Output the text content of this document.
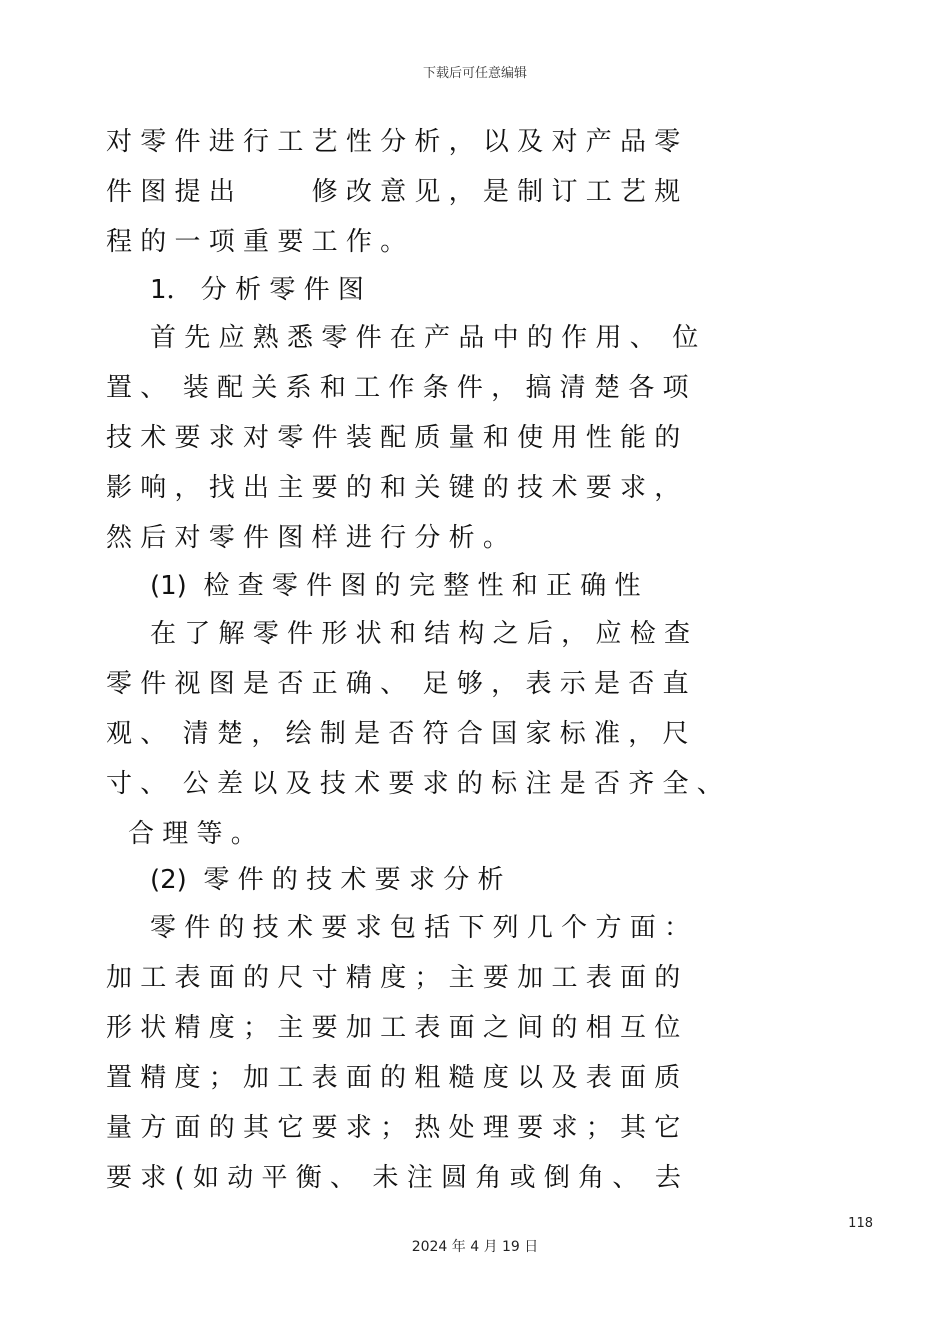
下载后可任意编辑
对 零 件 进 行 工 艺 性 分 析 ， 以 及 对 产 品 零
件 图 提 出 　 　 修 改 意 见 ， 是 制 订 工 艺 规
程 的 一 项 重 要 工 作 。
1． 分 析 零 件 图
首 先 应 熟 悉 零 件 在 产 品 中 的 作 用 、  位
置 、  装 配 关 系 和 工 作 条 件 ， 搞 清 楚 各 项
技 术 要 求 对 零 件 装 配 质 量 和 使 用 性 能 的
影 响 ， 找 出 主 要 的 和 关 键 的 技 术 要 求 ，
然 后 对 零 件 图 样 进 行 分 析 。
(1)  检 查 零 件 图 的 完 整 性 和 正 确 性
在 了 解 零 件 形 状 和 结 构 之 后 ， 应 检 查
零 件 视 图 是 否 正 确 、  足 够 ， 表 示 是 否 直
观 、  清 楚 ， 绘 制 是 否 符 合 国 家 标 准 ， 尺
寸 、  公 差 以 及 技 术 要 求 的 标 注 是 否 齐 全 、
合 理 等 。
(2)  零 件 的 技 术 要 求 分 析
零 件 的 技 术 要 求 包 括 下 列 几 个 方 面 ：
加 工 表 面 的 尺 寸 精 度 ； 主 要 加 工 表 面 的
形 状 精 度 ； 主 要 加 工 表 面 之 间 的 相 互 位
置 精 度 ； 加 工 表 面 的 粗 糙 度 以 及 表 面 质
量 方 面 的 其 它 要 求 ； 热 处 理 要 求 ； 其 它
要 求 ( 如 动 平 衡 、  未 注 圆 角 或 倒 角 、  去
118
2024 年 4 月 19 日
